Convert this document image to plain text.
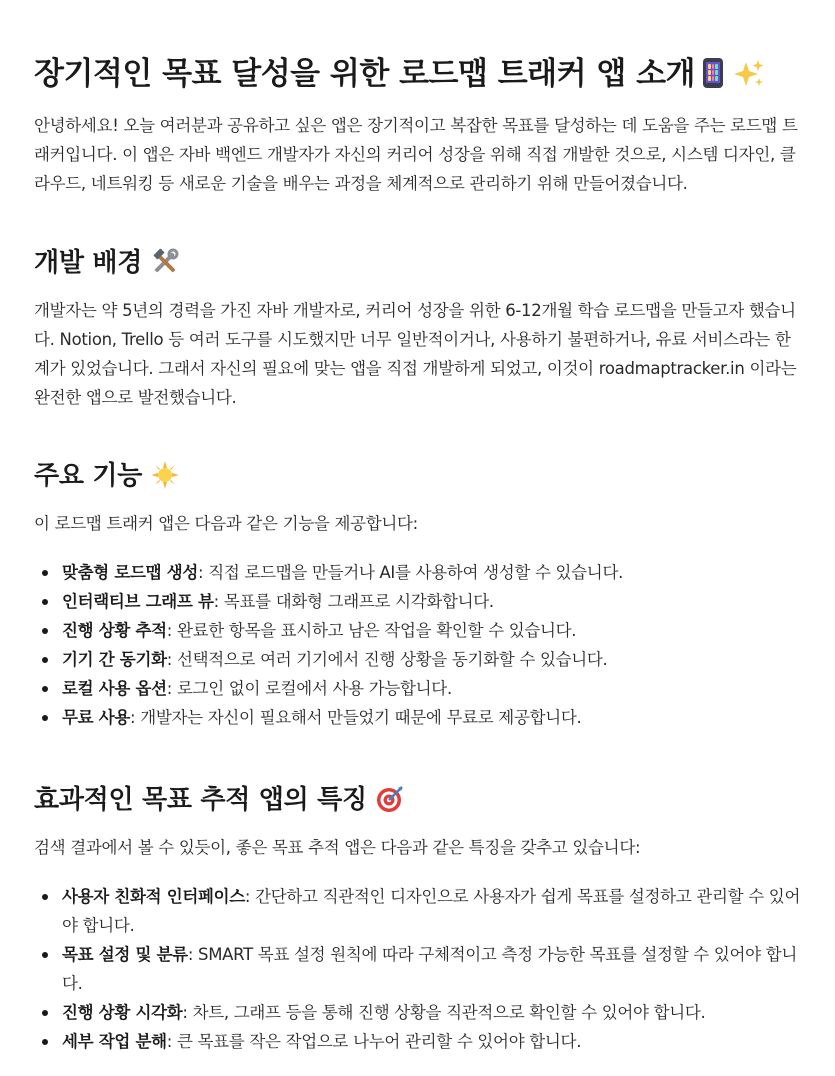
장기적인 목표 달성을 위한 로드맵 트래커 앱 소개

안녕하세요! 오늘 여러분과 공유하고 싶은 앱은 장기적이고 복잡한 목표를 달성하는 데 도움을 주는 로드맵 트래커입니다. 이 앱은 자바 백엔드 개발자가 자신의 커리어 성장을 위해 직접 개발한 것으로, 시스템 디자인, 클라우드, 네트워킹 등 새로운 기술을 배우는 과정을 체계적으로 관리하기 위해 만들어졌습니다.

개발 배경

개발자는 약 5년의 경력을 가진 자바 개발자로, 커리어 성장을 위한 6-12개월 학습 로드맵을 만들고자 했습니다. Notion, Trello 등 여러 도구를 시도했지만 너무 일반적이거나, 사용하기 불편하거나, 유료 서비스라는 한계가 있었습니다. 그래서 자신의 필요에 맞는 앱을 직접 개발하게 되었고, 이것이 roadmaptracker.in 이라는 완전한 앱으로 발전했습니다.

주요 기능

이 로드맵 트래커 앱은 다음과 같은 기능을 제공합니다:

맞춤형 로드맵 생성: 직접 로드맵을 만들거나 AI를 사용하여 생성할 수 있습니다.
인터랙티브 그래프 뷰: 목표를 대화형 그래프로 시각화합니다.
진행 상황 추적: 완료한 항목을 표시하고 남은 작업을 확인할 수 있습니다.
기기 간 동기화: 선택적으로 여러 기기에서 진행 상황을 동기화할 수 있습니다.
로컬 사용 옵션: 로그인 없이 로컬에서 사용 가능합니다.
무료 사용: 개발자는 자신이 필요해서 만들었기 때문에 무료로 제공합니다.
효과적인 목표 추적 앱의 특징

검색 결과에서 볼 수 있듯이, 좋은 목표 추적 앱은 다음과 같은 특징을 갖추고 있습니다:

사용자 친화적 인터페이스: 간단하고 직관적인 디자인으로 사용자가 쉽게 목표를 설정하고 관리할 수 있어야 합니다.
목표 설정 및 분류: SMART 목표 설정 원칙에 따라 구체적이고 측정 가능한 목표를 설정할 수 있어야 합니다.
진행 상황 시각화: 차트, 그래프 등을 통해 진행 상황을 직관적으로 확인할 수 있어야 합니다.
세부 작업 분해: 큰 목표를 작은 작업으로 나누어 관리할 수 있어야 합니다.
